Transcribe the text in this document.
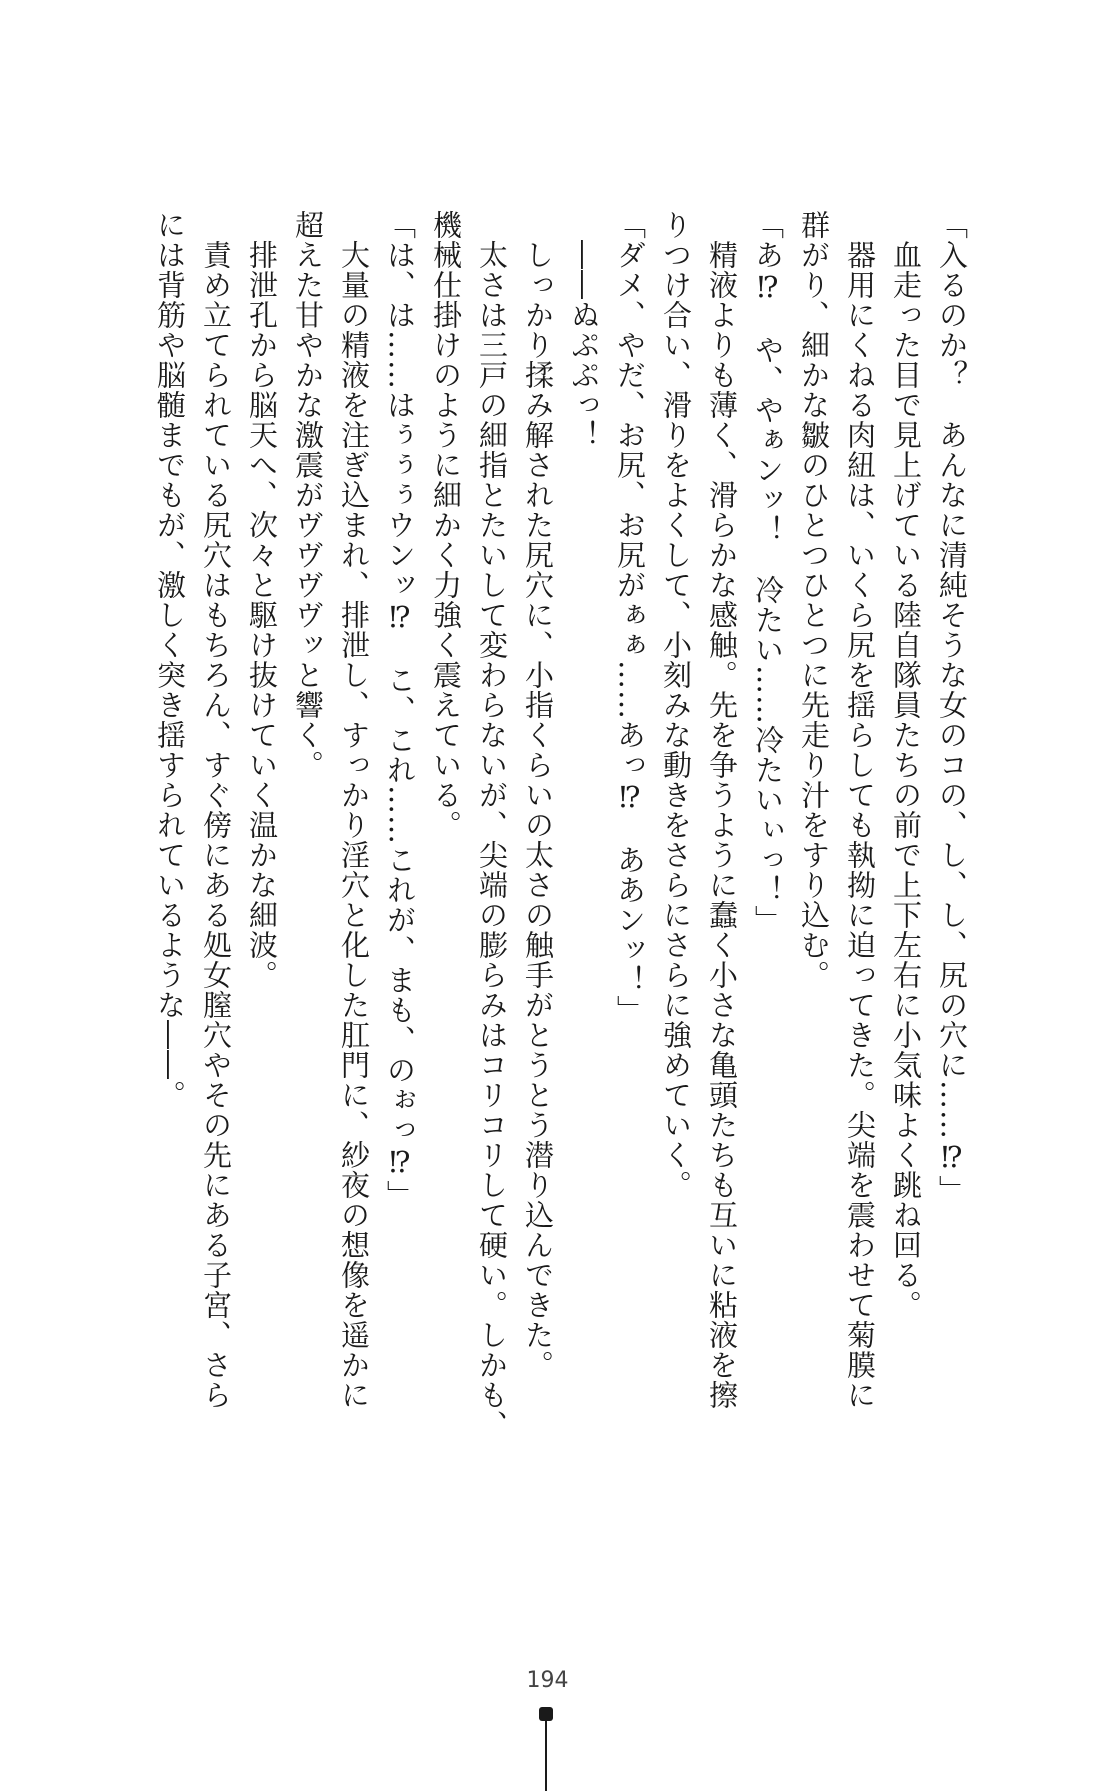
「入るのか？　あんなに清純そうな女のコの、し、し、尻の穴に……⁉」
　血走った目で見上げている陸自隊員たちの前で上下左右に小気味よく跳ね回る。
　器用にくねる肉紐は、いくら尻を揺らしても執拗に迫ってきた。尖端を震わせて菊膜に
群がり、細かな皺のひとつひとつに先走り汁をすり込む。
「あ⁉　や、やぁンッ！　冷たい……冷たいぃっ！」
　精液よりも薄く、滑らかな感触。先を争うように蠢く小さな亀頭たちも互いに粘液を擦
りつけ合い、滑りをよくして、小刻みな動きをさらにさらに強めていく。
「ダメ、やだ、お尻、お尻がぁぁ……あっ⁉　ああンッ！」
　――ぬぷぷっ！
　しっかり揉み解された尻穴に、小指くらいの太さの触手がとうとう潜り込んできた。
　太さは三戸の細指とたいして変わらないが、尖端の膨らみはコリコリして硬い。しかも、
機械仕掛けのように細かく力強く震えている。
「は、は……はぅぅぅウンッ⁉　こ、これ……これが、まも、のぉっ⁉」
　大量の精液を注ぎ込まれ、排泄し、すっかり淫穴と化した肛門に、紗夜の想像を遥かに
超えた甘やかな激震がヴヴヴヴッと響く。
　排泄孔から脳天へ、次々と駆け抜けていく温かな細波。
　責め立てられている尻穴はもちろん、すぐ傍にある処女膣穴やその先にある子宮、さら
には背筋や脳髄までもが、激しく突き揺すられているような――。
194
